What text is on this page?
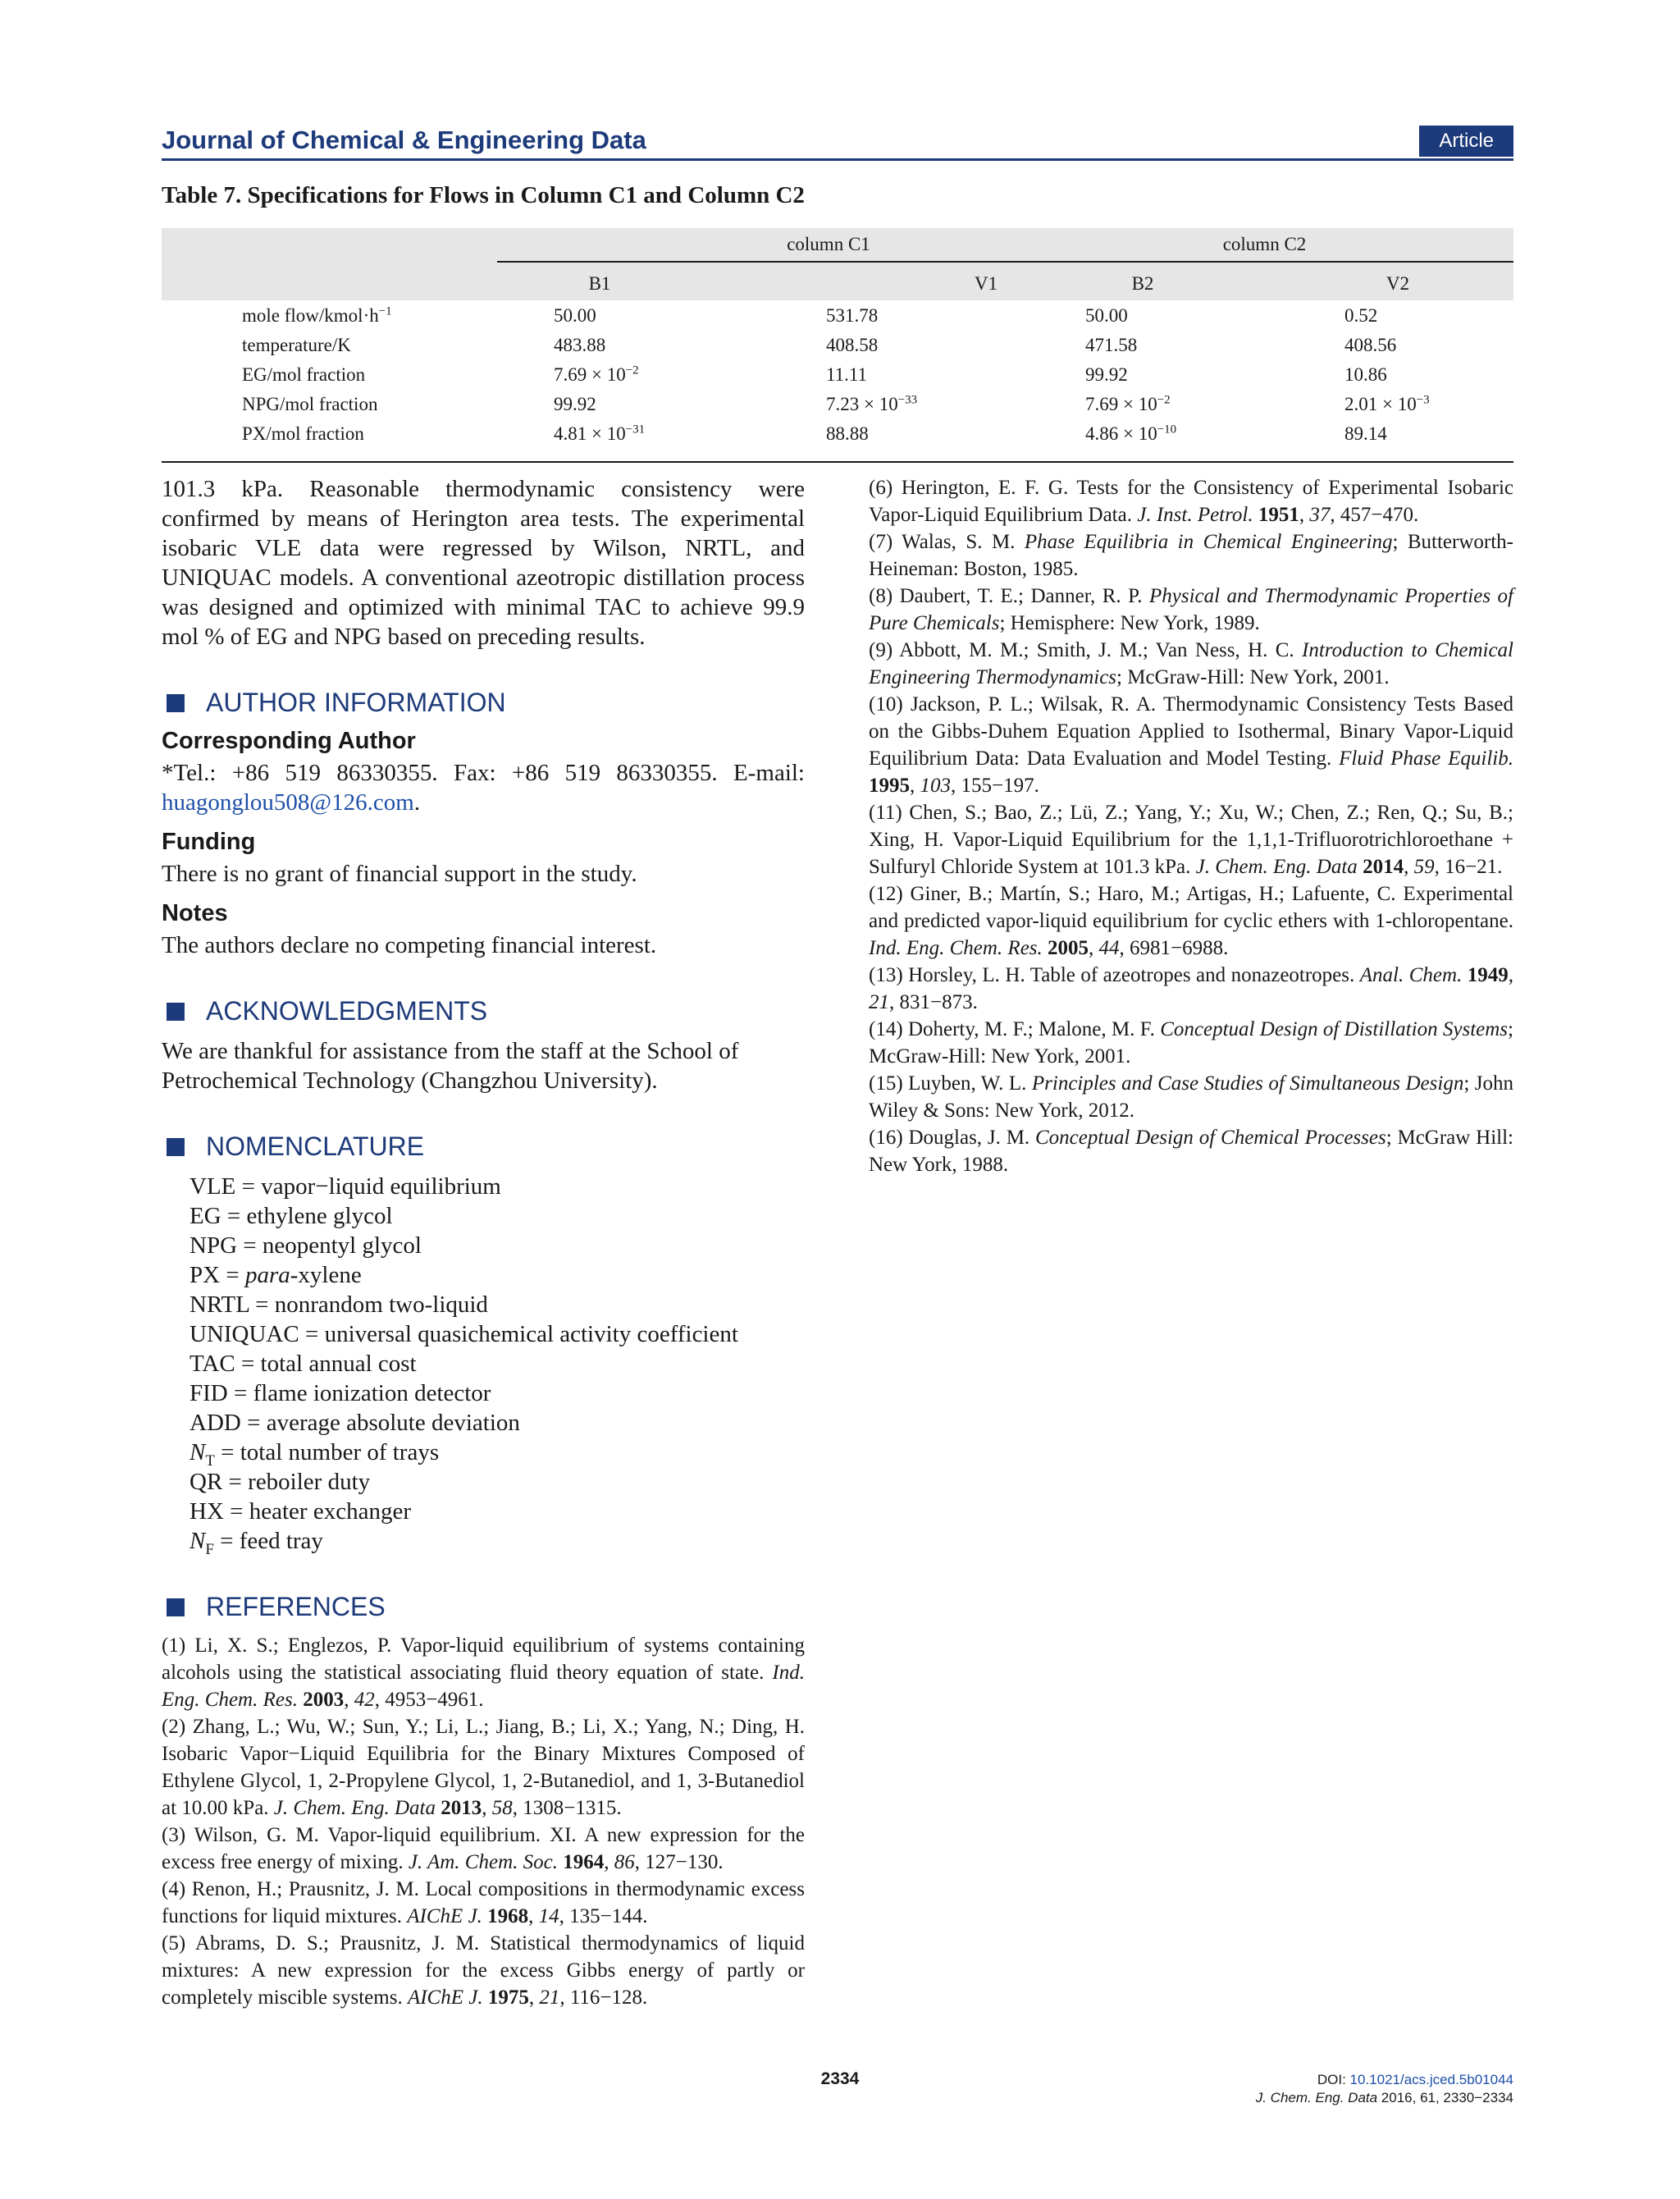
Journal of Chemical & Engineering Data	Article
Table 7. Specifications for Flows in Column C1 and Column C2
column C1	column C2
B1	V1	B2	V2
mole flow/$kmol\cdot h^{-1}$	50.00	531.78	50.00	0.52
temperature/K	483.88	408.58	471.58	408.56
EG/mol fraction	$7.69 \times 10^{-2}$	11.11	99.92	10.86
NPG/mol fraction	99.92	$7.23 \times 10^{-33}$	$7.69 \times 10^{-2}$	$2.01 \times 10^{-3}$
PX/mol fraction	$4.81 \times 10^{-31}$	88.88	$4.86 \times 10^{-10}$	89.14

101.3 kPa. Reasonable thermodynamic consistency were confirmed by means of Herington area tests. The experimental isobaric VLE data were regressed by Wilson, NRTL, and UNIQUAC models. A conventional azeotropic distillation process was designed and optimized with minimal TAC to achieve 99.9 mol % of EG and NPG based on preceding results.

AUTHOR INFORMATION
Corresponding Author

*Tel.: +86 519 86330355. Fax: +86 519 86330355. E-mail: huagonglou508@126.com.

Funding

There is no grant of financial support in the study.

Notes

The authors declare no competing financial interest.

ACKNOWLEDGMENTS

We are thankful for assistance from the staff at the School of Petrochemical Technology (Changzhou University).

NOMENCLATURE
VLE = vapor−liquid equilibrium
EG = ethylene glycol
NPG = neopentyl glycol
PX = para-xylene
NRTL = nonrandom two-liquid
UNIQUAC = universal quasichemical activity coefficient
TAC = total annual cost
FID = flame ionization detector
ADD = average absolute deviation
$N_T$ = total number of trays
QR = reboiler duty
HX = heater exchanger
$N_F$ = feed tray
REFERENCES

(1) Li, X. S.; Englezos, P. Vapor-liquid equilibrium of systems containing alcohols using the statistical associating fluid theory equation of state. Ind. Eng. Chem. Res. 2003, 42, 4953−4961.

(2) Zhang, L.; Wu, W.; Sun, Y.; Li, L.; Jiang, B.; Li, X.; Yang, N.; Ding, H. Isobaric Vapor−Liquid Equilibria for the Binary Mixtures Composed of Ethylene Glycol, 1, 2-Propylene Glycol, 1, 2-Butanediol, and 1, 3-Butanediol at 10.00 kPa. J. Chem. Eng. Data 2013, 58, 1308−1315.

(3) Wilson, G. M. Vapor-liquid equilibrium. XI. A new expression for the excess free energy of mixing. J. Am. Chem. Soc. 1964, 86, 127−130.

(4) Renon, H.; Prausnitz, J. M. Local compositions in thermodynamic excess functions for liquid mixtures. AIChE J. 1968, 14, 135−144.

(5) Abrams, D. S.; Prausnitz, J. M. Statistical thermodynamics of liquid mixtures: A new expression for the excess Gibbs energy of partly or completely miscible systems. AIChE J. 1975, 21, 116−128.

(6) Herington, E. F. G. Tests for the Consistency of Experimental Isobaric Vapor-Liquid Equilibrium Data. J. Inst. Petrol. 1951, 37, 457−470.

(7) Walas, S. M. Phase Equilibria in Chemical Engineering; Butterworth-Heineman: Boston, 1985.

(8) Daubert, T. E.; Danner, R. P. Physical and Thermodynamic Properties of Pure Chemicals; Hemisphere: New York, 1989.

(9) Abbott, M. M.; Smith, J. M.; Van Ness, H. C. Introduction to Chemical Engineering Thermodynamics; McGraw-Hill: New York, 2001.

(10) Jackson, P. L.; Wilsak, R. A. Thermodynamic Consistency Tests Based on the Gibbs-Duhem Equation Applied to Isothermal, Binary Vapor-Liquid Equilibrium Data: Data Evaluation and Model Testing. Fluid Phase Equilib. 1995, 103, 155−197.

(11) Chen, S.; Bao, Z.; Lü, Z.; Yang, Y.; Xu, W.; Chen, Z.; Ren, Q.; Su, B.; Xing, H. Vapor-Liquid Equilibrium for the 1,1,1-Trifluorotrichloroethane + Sulfuryl Chloride System at 101.3 kPa. J. Chem. Eng. Data 2014, 59, 16−21.

(12) Giner, B.; Martín, S.; Haro, M.; Artigas, H.; Lafuente, C. Experimental and predicted vapor-liquid equilibrium for cyclic ethers with 1-chloropentane. Ind. Eng. Chem. Res. 2005, 44, 6981−6988.

(13) Horsley, L. H. Table of azeotropes and nonazeotropes. Anal. Chem. 1949, 21, 831−873.

(14) Doherty, M. F.; Malone, M. F. Conceptual Design of Distillation Systems; McGraw-Hill: New York, 2001.

(15) Luyben, W. L. Principles and Case Studies of Simultaneous Design; John Wiley & Sons: New York, 2012.

(16) Douglas, J. M. Conceptual Design of Chemical Processes; McGraw Hill: New York, 1988.

2334	DOI: 10.1021/acs.jced.5b01044
J. Chem. Eng. Data 2016, 61, 2330−2334
